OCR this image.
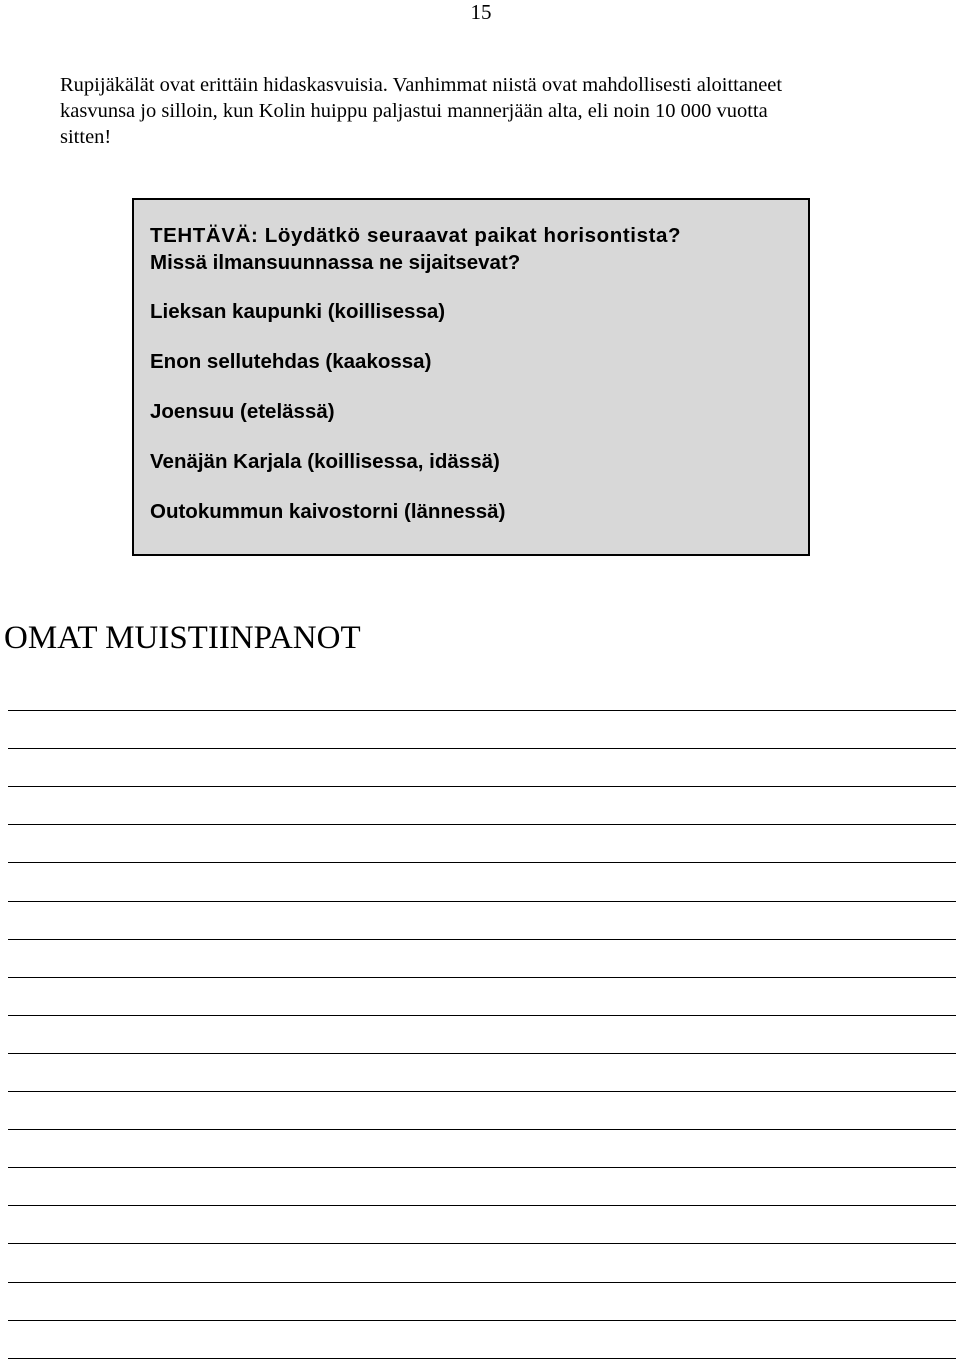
15
Rupijäkälät ovat erittäin hidaskasvuisia. Vanhimmat niistä ovat mahdollisesti aloittaneet
kasvunsa jo silloin, kun Kolin huippu paljastui mannerjään alta, eli noin 10 000 vuotta
sitten!
TEHTÄVÄ: Löydätkö seuraavat paikat horisontista?
Missä ilmansuunnassa ne sijaitsevat?
Lieksan kaupunki (koillisessa)
Enon sellutehdas (kaakossa)
Joensuu (etelässä)
Venäjän Karjala (koillisessa, idässä)
Outokummun kaivostorni (lännessä)
OMAT MUISTIINPANOT
